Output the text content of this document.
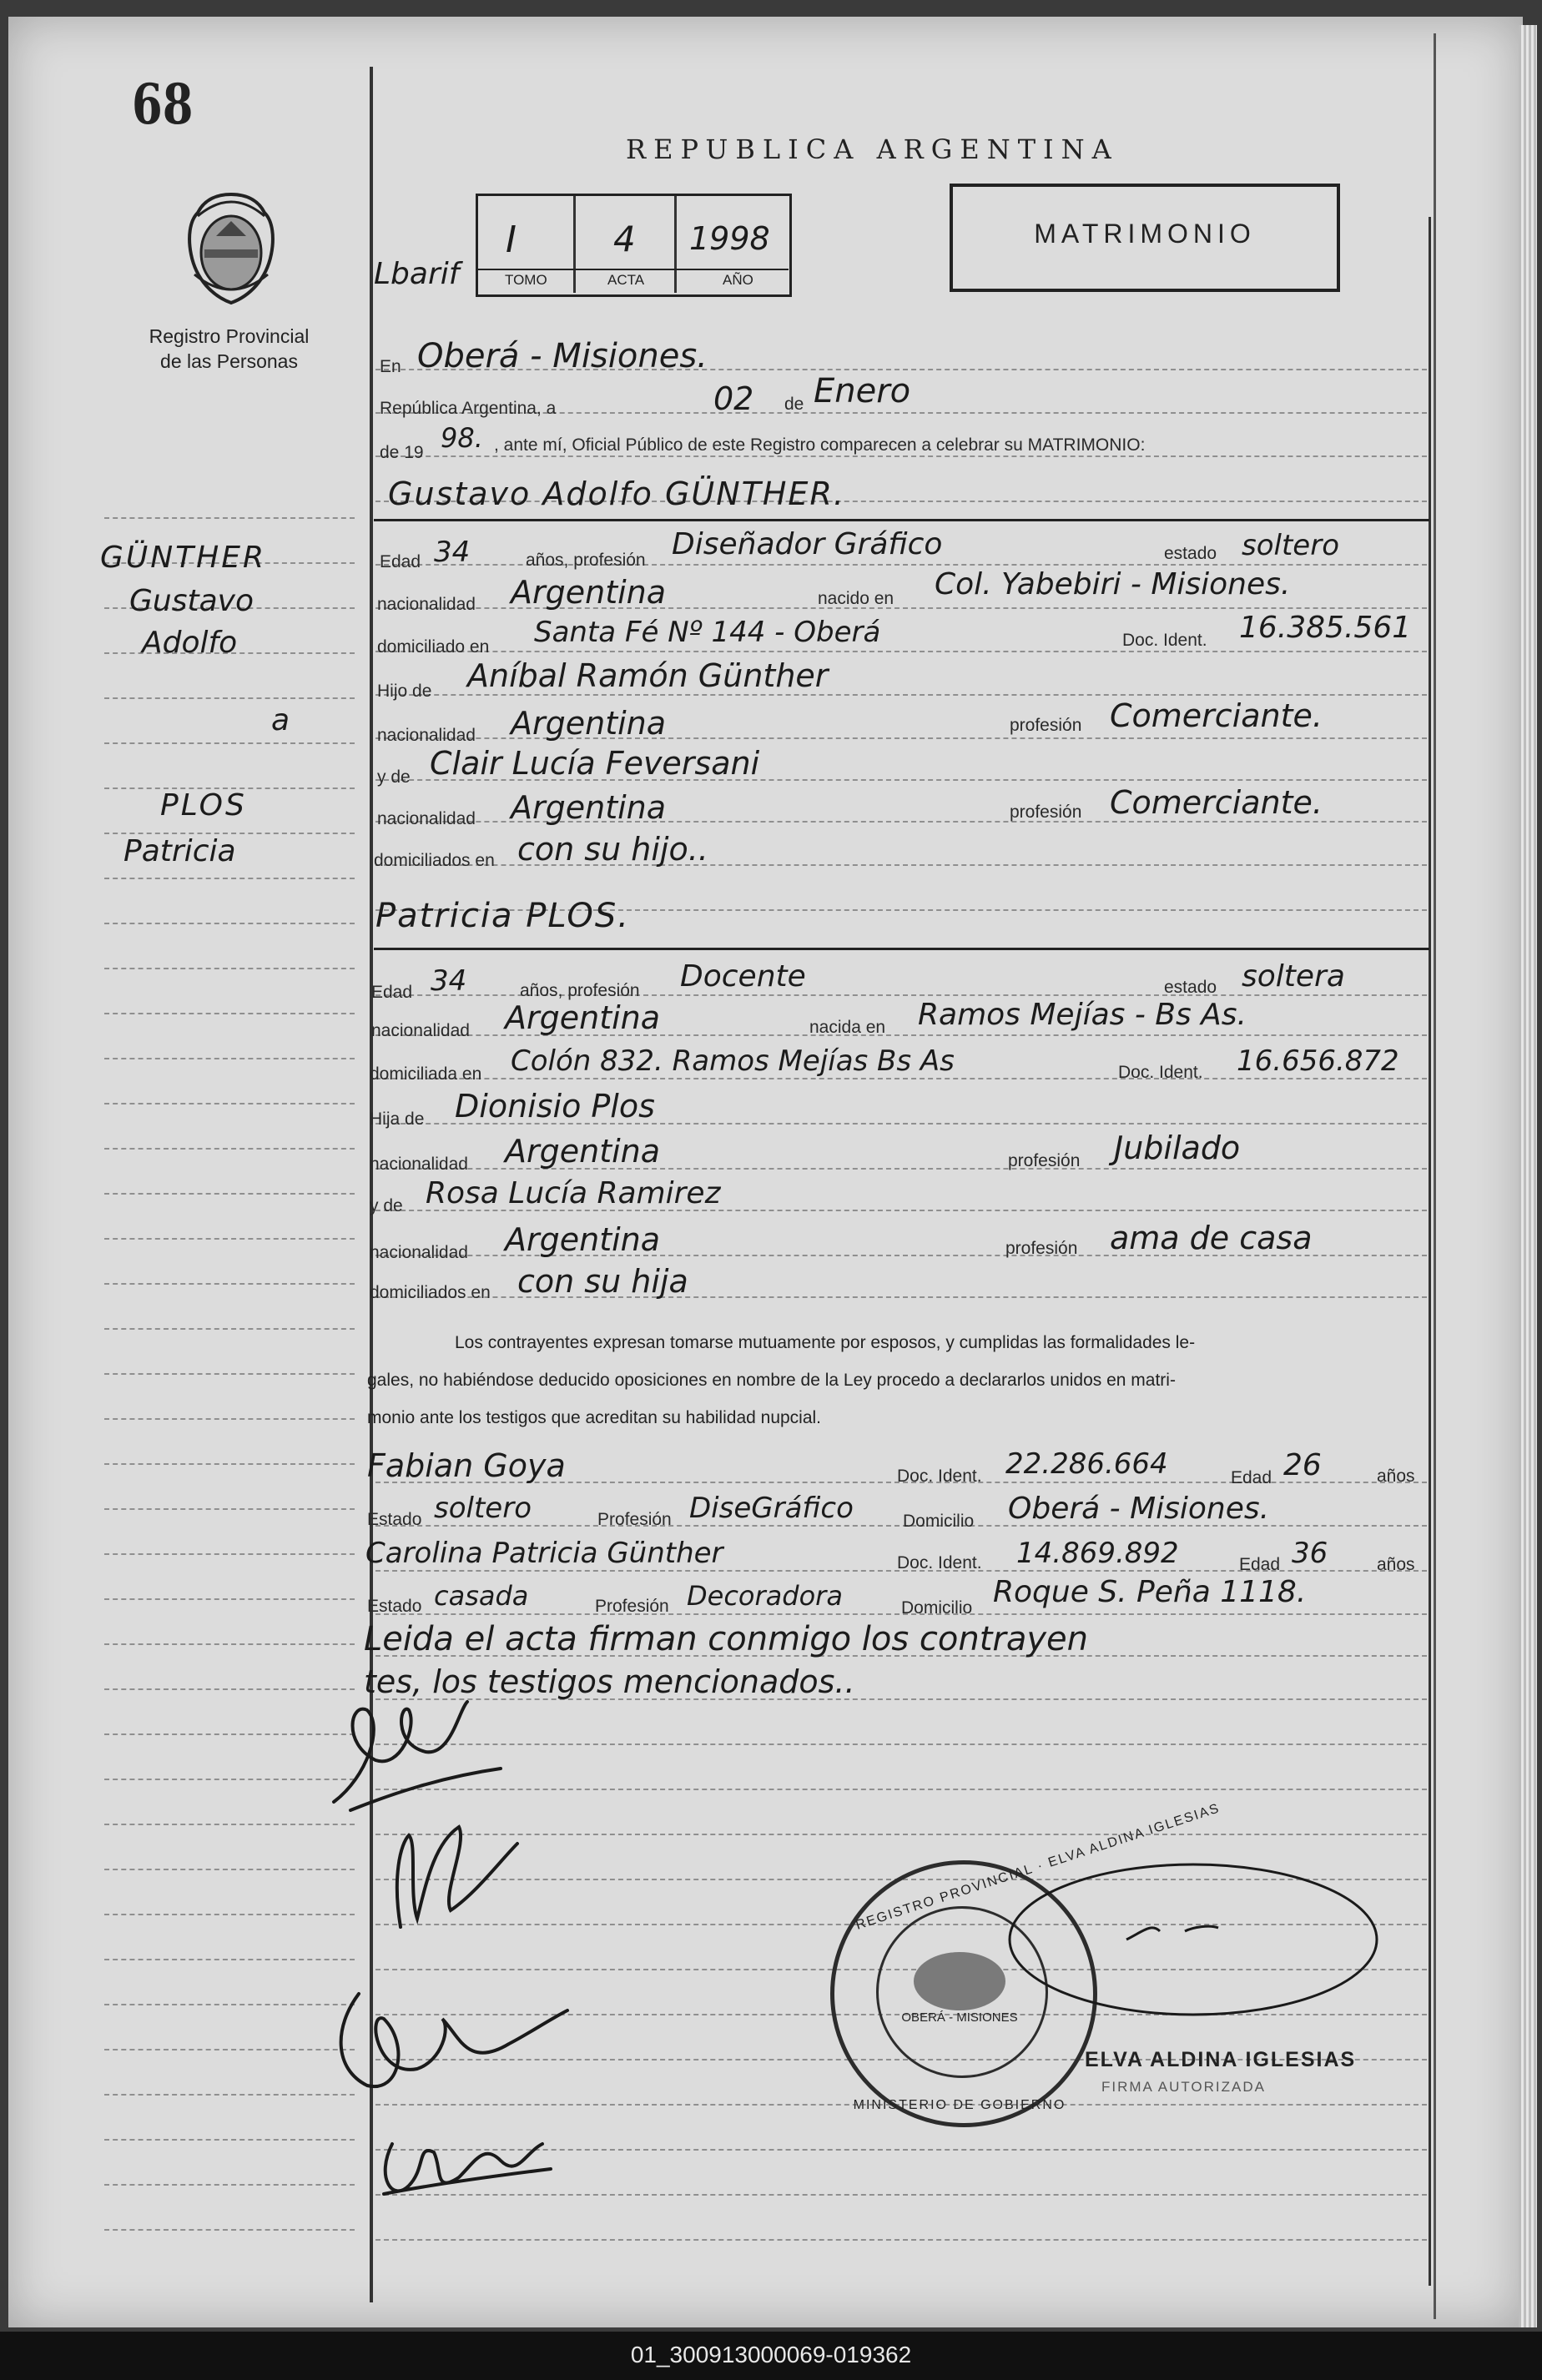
68
Registro Provincial
de las Personas
REPUBLICA ARGENTINA
TOMO	ACTA	AÑO
I	4 1998
Lbarif
MATRIMONIO
En Oberá - Misiones.
República Argentina, a	02 de Enero
de 19 98. , ante mí, Oficial Público de este Registro comparecen a celebrar su MATRIMONIO:
GÜNTHER
Gustavo
Adolfo
a
PLOS
Patricia
Gustavo Adolfo GÜNTHER.
Edad 34	años, profesión Diseñador Gráfico	estado soltero
nacionalidad Argentina	nacido en Col. Yabebiri - Misiones.
domiciliado en Santa Fé Nº 144 - Oberá	Doc. Ident. 16.385.561
Hijo de Aníbal Ramón Günther
nacionalidad Argentina	profesión Comerciante.
y de Clair Lucía Feversani
nacionalidad Argentina	profesión Comerciante.
domiciliados en con su hijo..
Patricia PLOS.
Edad 34	años, profesión Docente	estado soltera
nacionalidad Argentina	nacida en Ramos Mejías - Bs As.
domiciliada en Colón 832. Ramos Mejías Bs As	Doc. Ident. 16.656.872
Hija de Dionisio Plos
nacionalidad Argentina	profesión Jubilado
y de Rosa Lucía Ramirez
nacionalidad Argentina	profesión ama de casa
domiciliados en con su hija
Los contrayentes expresan tomarse mutuamente por esposos, y cumplidas las formalidades le-
gales, no habiéndose deducido oposiciones en nombre de la Ley procedo a declararlos unidos en matri-
monio ante los testigos que acreditan su habilidad nupcial.
Fabian Goya	Doc. Ident. 22.286.664	Edad 26	años
Estado soltero	Profesión DiseGráfico	Domicilio Oberá - Misiones.
Carolina Patricia Günther	Doc. Ident. 14.869.892	Edad 36	años
Estado casada	Profesión Decoradora	Domicilio Roque S. Peña 1118.
Leida el acta firman conmigo los contrayen
tes, los testigos mencionados..
REGISTRO PROVINCIAL · ELVA ALDINA IGLESIAS
OBERÁ - MISIONES
MINISTERIO DE GOBIERNO
ELVA ALDINA IGLESIAS
FIRMA AUTORIZADA
01_300913000069-019362
